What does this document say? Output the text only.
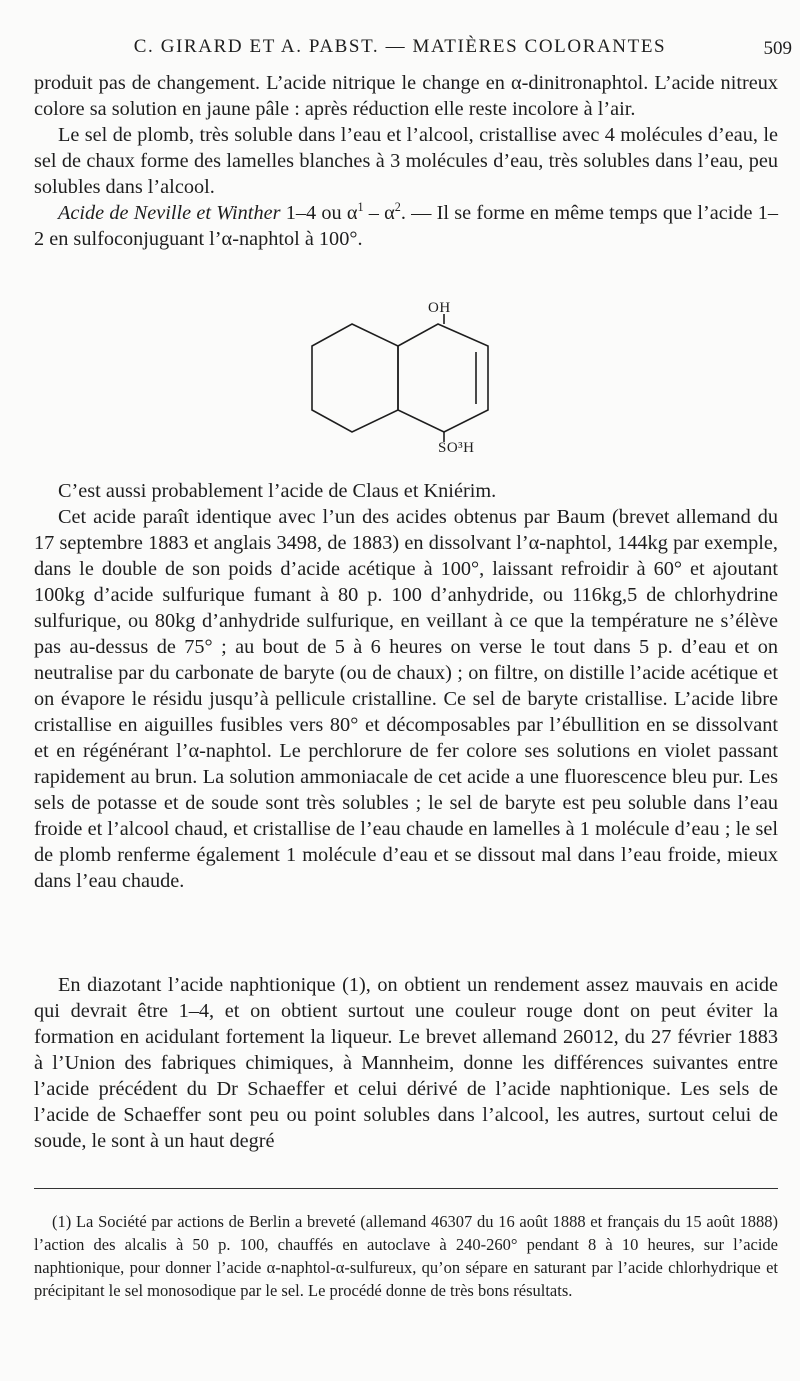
C. GIRARD ET A. PABST. — MATIÈRES COLORANTES	509

produit pas de changement. L’acide nitrique le change en α-dinitronaphtol. L’acide nitreux colore sa solution en jaune pâle : après réduction elle reste incolore à l’air.

Le sel de plomb, très soluble dans l’eau et l’alcool, cristallise avec 4 molécules d’eau, le sel de chaux forme des lamelles blanches à 3 molécules d’eau, très solubles dans l’eau, peu solubles dans l’alcool.

Acide de Neville et Winther 1–4 ou $\alpha^1 - \alpha^2$. — Il se forme en même temps que l’acide 1–2 en sulfoconjuguant l’α-naphtol à 100°.

OH
SO³H

C’est aussi probablement l’acide de Claus et Kniérim.

Cet acide paraît identique avec l’un des acides obtenus par Baum (brevet allemand du 17 septembre 1883 et anglais 3498, de 1883) en dissolvant l’α-naphtol, 144kg par exemple, dans le double de son poids d’acide acétique à 100°, laissant refroidir à 60° et ajoutant 100kg d’acide sulfurique fumant à 80 p. 100 d’anhydride, ou 116kg,5 de chlorhydrine sulfurique, ou 80kg d’anhydride sulfurique, en veillant à ce que la température ne s’élève pas au-dessus de 75° ; au bout de 5 à 6 heures on verse le tout dans 5 p. d’eau et on neutralise par du carbonate de baryte (ou de chaux) ; on filtre, on distille l’acide acétique et on évapore le résidu jusqu’à pellicule cristalline. Ce sel de baryte cristallise. L’acide libre cristallise en aiguilles fusibles vers 80° et décomposables par l’ébullition en se dissolvant et en régénérant l’α-naphtol. Le perchlorure de fer colore ses solutions en violet passant rapidement au brun. La solution ammoniacale de cet acide a une fluorescence bleu pur. Les sels de potasse et de soude sont très solubles ; le sel de baryte est peu soluble dans l’eau froide et l’alcool chaud, et cristallise de l’eau chaude en lamelles à 1 molécule d’eau ; le sel de plomb renferme également 1 molécule d’eau et se dissout mal dans l’eau froide, mieux dans l’eau chaude.

En diazotant l’acide naphtionique (1), on obtient un rendement assez mauvais en acide qui devrait être 1–4, et on obtient surtout une couleur rouge dont on peut éviter la formation en acidulant fortement la liqueur. Le brevet allemand 26012, du 27 février 1883 à l’Union des fabriques chimiques, à Mannheim, donne les différences suivantes entre l’acide précédent du Dr Schaeffer et celui dérivé de l’acide naphtionique. Les sels de l’acide de Schaeffer sont peu ou point solubles dans l’alcool, les autres, surtout celui de soude, le sont à un haut degré

(1) La Société par actions de Berlin a breveté (allemand 46307 du 16 août 1888 et français du 15 août 1888) l’action des alcalis à 50 p. 100, chauffés en autoclave à 240-260° pendant 8 à 10 heures, sur l’acide naphtionique, pour donner l’acide α-naphtol-α-sulfureux, qu’on sépare en saturant par l’acide chlorhydrique et précipitant le sel monosodique par le sel. Le procédé donne de très bons résultats.
